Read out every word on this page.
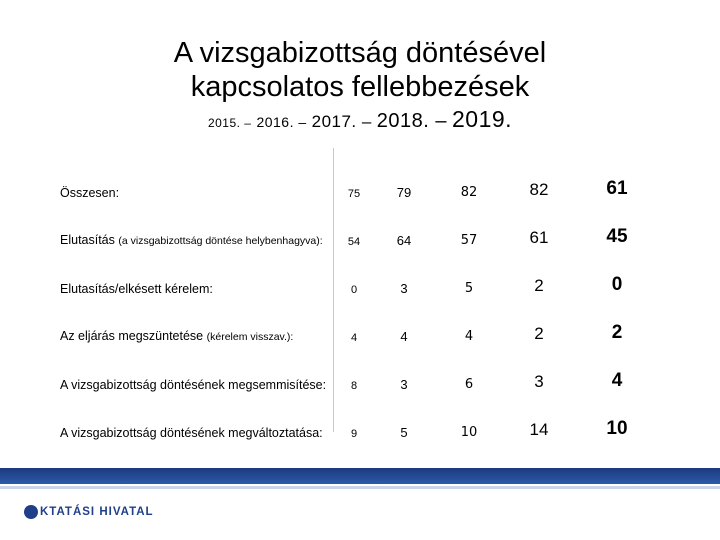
A vizsgabizottság döntésével
kapcsolatos fellebbezések
2015. – 2016. – 2017. – 2018. – 2019.
Összesen:	75	79	82	82	61
Elutasítás (a vizsgabizottság döntése helybenhagyva):	54	64	57	61	45
Elutasítás/elkésett kérelem:	0	3	5	2	0
Az eljárás megszüntetése (kérelem visszav.):	4	4	4	2	2
A vizsgabizottság döntésének megsemmisítése:	8	3	6	3	4
A vizsgabizottság döntésének megváltoztatása:	9	5	10	14	10
KTATÁSI HIVATAL
